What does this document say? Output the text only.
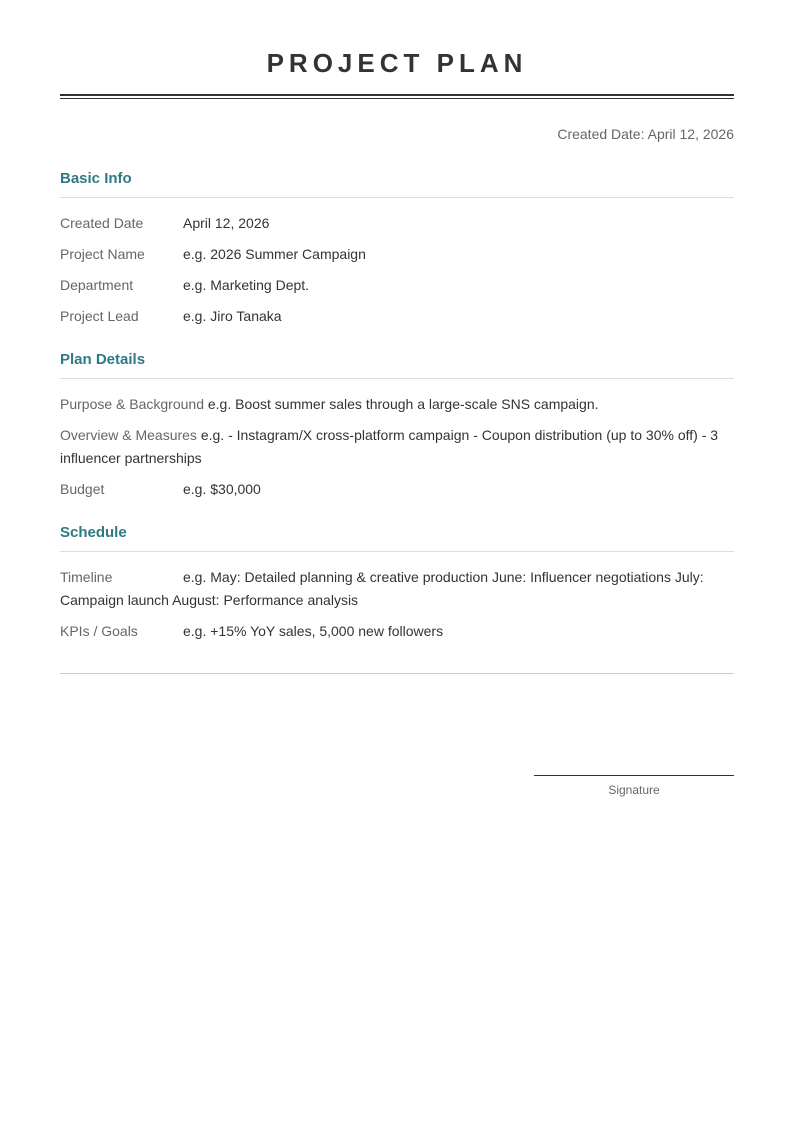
PROJECT PLAN
Created Date: April 12, 2026
Basic Info
Created Date	April 12, 2026
Project Name	e.g. 2026 Summer Campaign
Department	e.g. Marketing Dept.
Project Lead	e.g. Jiro Tanaka
Plan Details
Purpose & Background e.g. Boost summer sales through a large-scale SNS campaign.
Overview & Measures e.g. - Instagram/X cross-platform campaign - Coupon distribution (up to 30% off) - 3 influencer partnerships
Budget	e.g. $30,000
Schedule
Timeline	e.g. May: Detailed planning & creative production June: Influencer negotiations July: Campaign launch August: Performance analysis
KPIs / Goals	e.g. +15% YoY sales, 5,000 new followers
Signature
